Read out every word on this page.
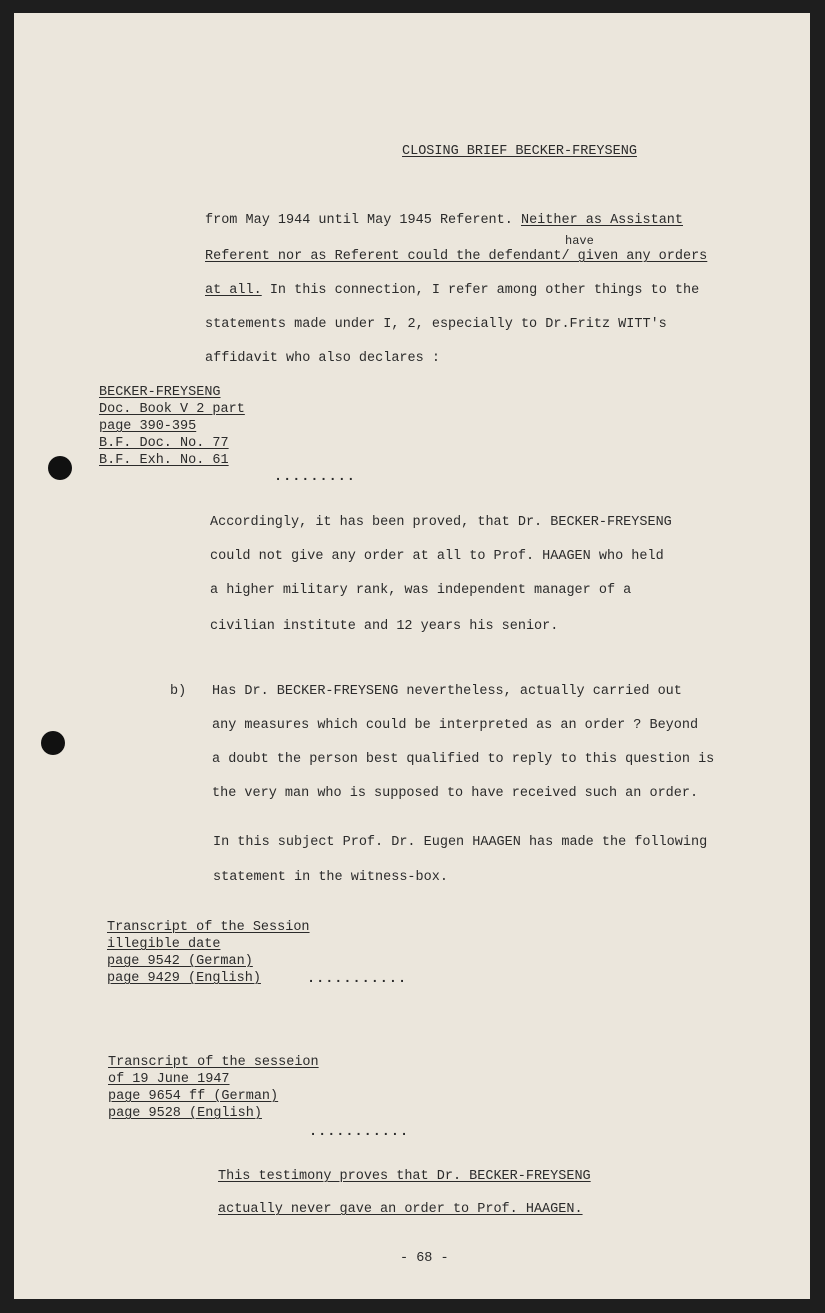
CLOSING BRIEF BECKER-FREYSENG
from May 1944 until May 1945 Referent. Neither as Assistant
have
Referent nor as Referent could the defendant/ given any orders
at all. In this connection, I refer among other things to the
statements made under I, 2, especially to Dr.Fritz WITT's
affidavit who also declares :
BECKER-FREYSENG
Doc. Book V 2 part
page 390-395
B.F. Doc. No. 77
B.F. Exh. No. 61
.........
Accordingly, it has been proved, that Dr. BECKER-FREYSENG
could not give any order at all to Prof. HAAGEN who held
a higher military rank, was independent manager of a
civilian institute and 12 years his senior.
b) Has Dr. BECKER-FREYSENG nevertheless, actually carried out
any measures which could be interpreted as an order ? Beyond
a doubt the person best qualified to reply to this question is
the very man who is supposed to have received such an order.
In this subject Prof. Dr. Eugen HAAGEN has made the following
statement in the witness-box.
Transcript of the Session
illegible date
page 9542 (German)
page 9429 (English)	...........
Transcript of the sesseion
of 19 June 1947
page 9654 ff (German)
page 9528 (English)
...........
This testimony proves that Dr. BECKER-FREYSENG
actually never gave an order to Prof. HAAGEN.
- 68 -
